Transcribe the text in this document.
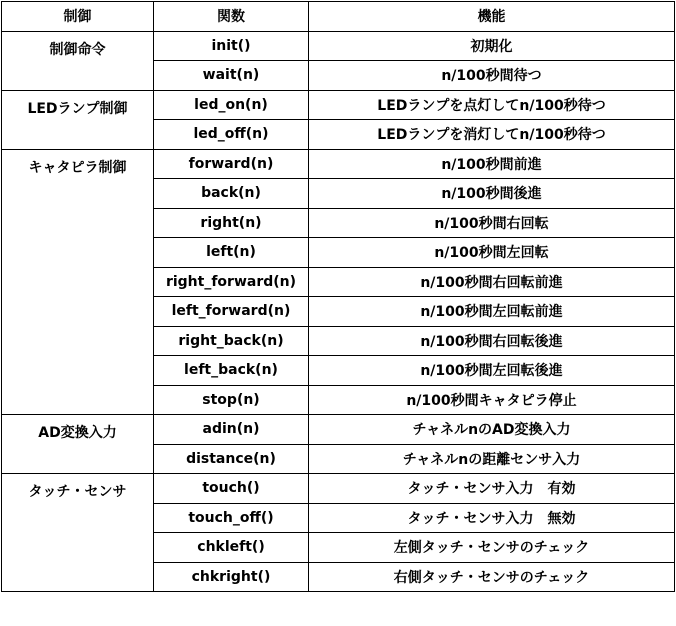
制御	関数	機能
制御命令	init()	初期化
	wait(n)	n/100秒間待つ
LEDランプ制御	led_on(n)	LEDランプを点灯してn/100秒待つ
	led_off(n)	LEDランプを消灯してn/100秒待つ
キャタピラ制御	forward(n)	n/100秒間前進
	back(n)	n/100秒間後進
	right(n)	n/100秒間右回転
	left(n)	n/100秒間左回転
	right_forward(n)	n/100秒間右回転前進
	left_forward(n)	n/100秒間左回転前進
	right_back(n)	n/100秒間右回転後進
	left_back(n)	n/100秒間左回転後進
	stop(n)	n/100秒間キャタピラ停止
AD変換入力	adin(n)	チャネルnのAD変換入力
	distance(n)	チャネルnの距離センサ入力
タッチ・センサ	touch()	タッチ・センサ入力　有効
	touch_off()	タッチ・センサ入力　無効
	chkleft()	左側タッチ・センサのチェック
	chkright()	右側タッチ・センサのチェック
